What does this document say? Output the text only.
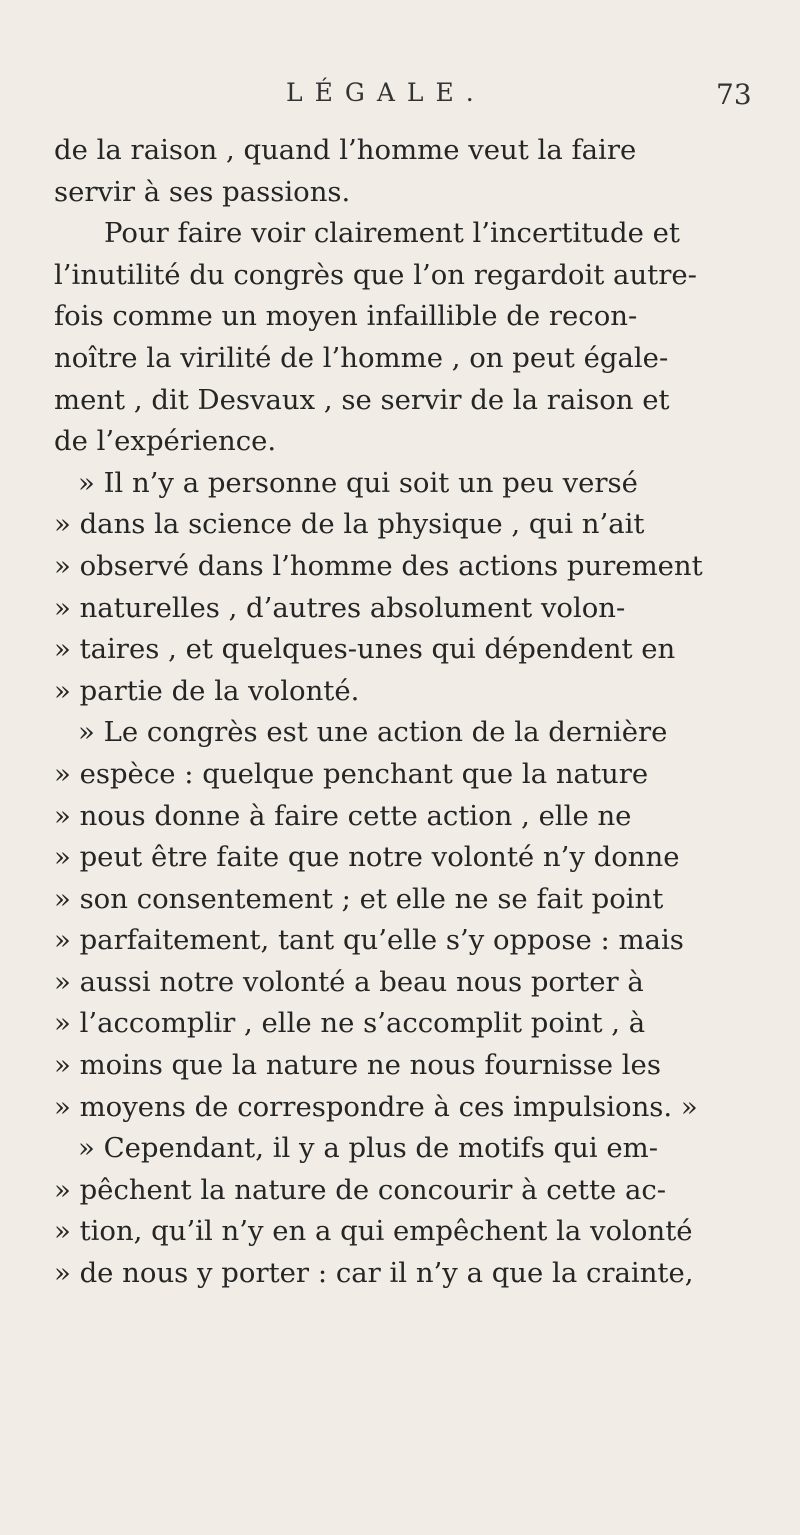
LÉGALE.	73
de la raison , quand l’homme veut la faire
servir à ses passions.
Pour faire voir clairement l’incertitude et
l’inutilité du congrès que l’on regardoit autre-
fois comme un moyen infaillible de recon-
noître la virilité de l’homme , on peut égale-
ment , dit Desvaux , se servir de la raison et
de l’expérience.
» Il n’y a personne qui soit un peu versé
» dans la science de la physique , qui n’ait
» observé dans l’homme des actions purement
» naturelles , d’autres absolument volon-
» taires , et quelques-unes qui dépendent en
» partie de la volonté.
» Le congrès est une action de la dernière
» espèce : quelque penchant que la nature
» nous donne à faire cette action , elle ne
» peut être faite que notre volonté n’y donne
» son consentement ; et elle ne se fait point
» parfaitement, tant qu’elle s’y oppose : mais
» aussi notre volonté a beau nous porter à
» l’accomplir , elle ne s’accomplit point , à
» moins que la nature ne nous fournisse les
» moyens de correspondre à ces impulsions. »
» Cependant, il y a plus de motifs qui em-
» pêchent la nature de concourir à cette ac-
» tion, qu’il n’y en a qui empêchent la volonté
» de nous y porter : car il n’y a que la crainte,
